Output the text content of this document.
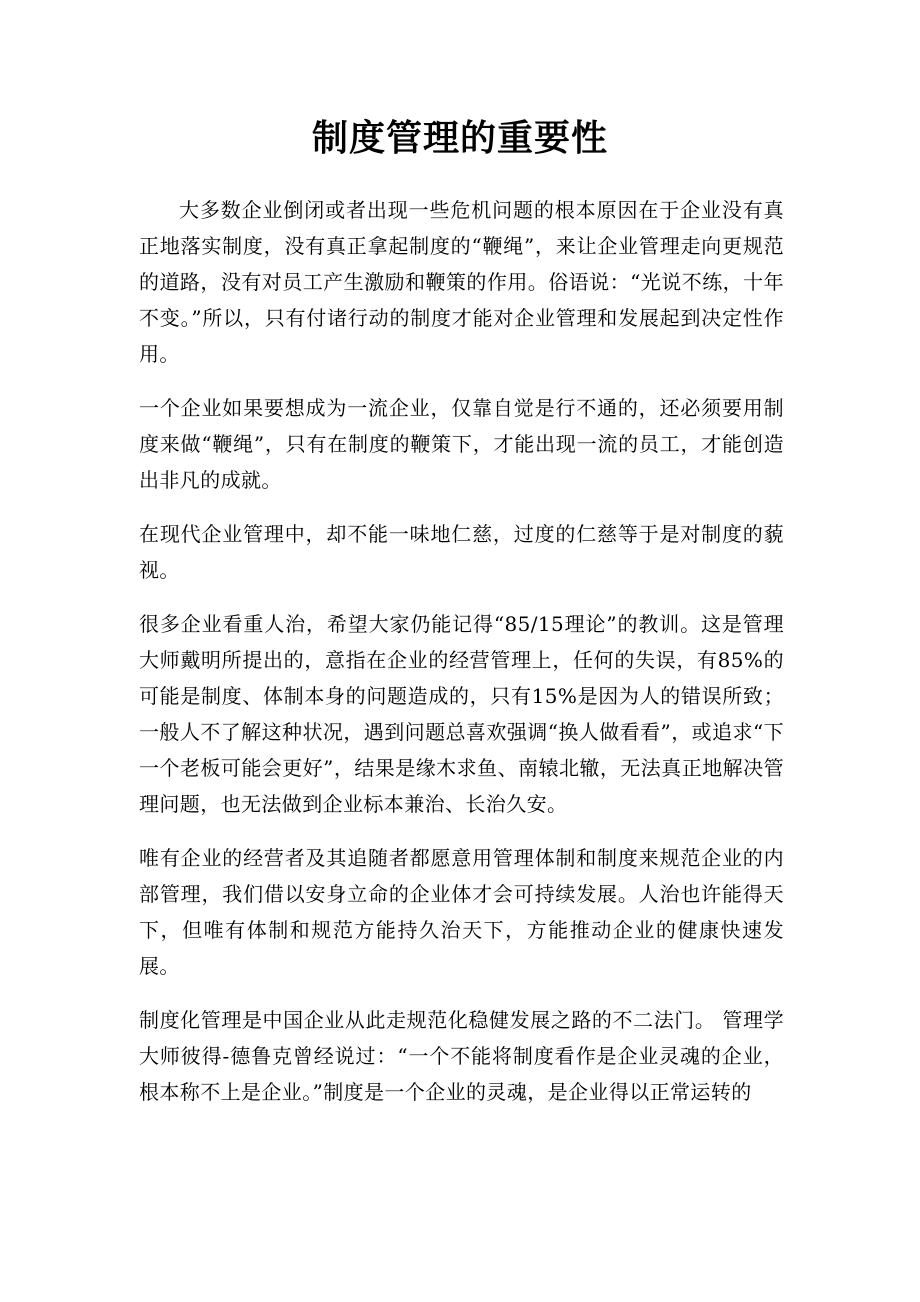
制度管理的重要性

大多数企业倒闭或者出现一些危机问题的根本原因在于企业没有真正地落实制度，没有真正拿起制度的“鞭绳”，来让企业管理走向更规范的道路，没有对员工产生激励和鞭策的作用。俗语说：“光说不练，十年不变。”所以，只有付诸行动的制度才能对企业管理和发展起到决定性作用。

一个企业如果要想成为一流企业，仅靠自觉是行不通的，还必须要用制度来做“鞭绳”，只有在制度的鞭策下，才能出现一流的员工，才能创造出非凡的成就。

在现代企业管理中，却不能一味地仁慈，过度的仁慈等于是对制度的藐视。

很多企业看重人治，希望大家仍能记得“85/15理论”的教训。这是管理大师戴明所提出的，意指在企业的经营管理上，任何的失误，有85%的可能是制度、体制本身的问题造成的，只有15%是因为人的错误所致；一般人不了解这种状况，遇到问题总喜欢强调“换人做看看”，或追求“下一个老板可能会更好”，结果是缘木求鱼、南辕北辙，无法真正地解决管理问题，也无法做到企业标本兼治、长治久安。

唯有企业的经营者及其追随者都愿意用管理体制和制度来规范企业的内部管理，我们借以安身立命的企业体才会可持续发展。人治也许能得天下，但唯有体制和规范方能持久治天下，方能推动企业的健康快速发展。

制度化管理是中国企业从此走规范化稳健发展之路的不二法门。 管理学大师彼得-德鲁克曾经说过：“一个不能将制度看作是企业灵魂的企业，根本称不上是企业。”制度是一个企业的灵魂，是企业得以正常运转的
